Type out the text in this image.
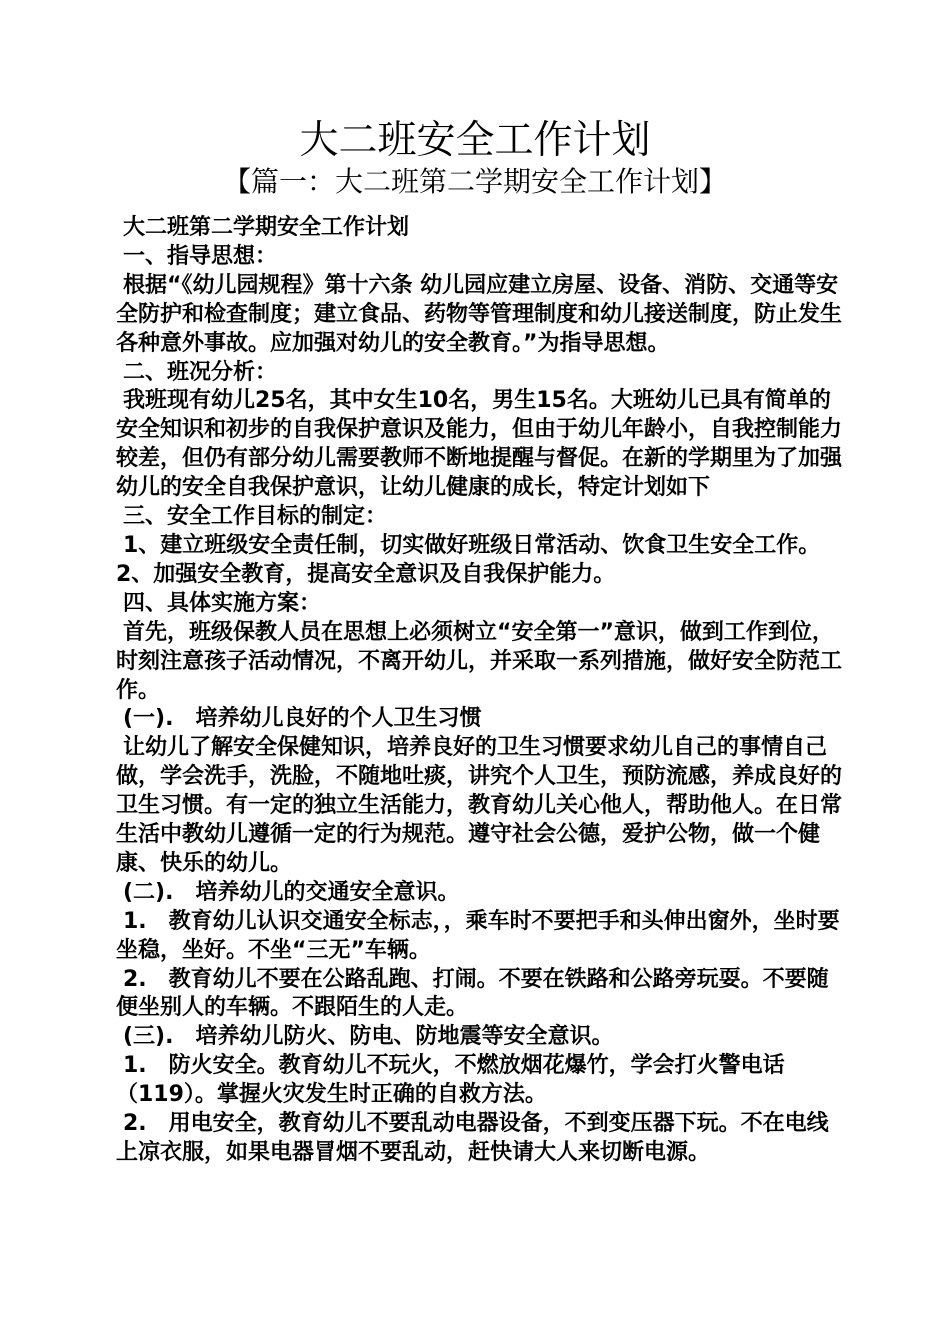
大二班安全工作计划
【篇一：大二班第二学期安全工作计划】

大二班第二学期安全工作计划

一、指导思想：

根据“《幼儿园规程》第十六条 幼儿园应建立房屋、设备、消防、交通等安全防护和检查制度；建立食品、药物等管理制度和幼儿接送制度，防止发生各种意外事故。应加强对幼儿的安全教育。”为指导思想。

二、班况分析：

我班现有幼儿25名，其中女生10名，男生15名。大班幼儿已具有简单的安全知识和初步的自我保护意识及能力，但由于幼儿年龄小，自我控制能力较差，但仍有部分幼儿需要教师不断地提醒与督促。在新的学期里为了加强幼儿的安全自我保护意识，让幼儿健康的成长，特定计划如下

三、安全工作目标的制定：

1、建立班级安全责任制，切实做好班级日常活动、饮食卫生安全工作。

2、加强安全教育，提高安全意识及自我保护能力。

四、具体实施方案：

首先，班级保教人员在思想上必须树立“安全第一”意识，做到工作到位，时刻注意孩子活动情况，不离开幼儿，并采取一系列措施，做好安全防范工作。

(一).　培养幼儿良好的个人卫生习惯

让幼儿了解安全保健知识，培养良好的卫生习惯要求幼儿自己的事情自己做，学会洗手，洗脸，不随地吐痰，讲究个人卫生，预防流感，养成良好的卫生习惯。有一定的独立生活能力，教育幼儿关心他人，帮助他人。在日常生活中教幼儿遵循一定的行为规范。遵守社会公德，爱护公物，做一个健康、快乐的幼儿。

(二).　培养幼儿的交通安全意识。

1.　教育幼儿认识交通安全标志，，乘车时不要把手和头伸出窗外，坐时要坐稳，坐好。不坐“三无”车辆。

2.　教育幼儿不要在公路乱跑、打闹。不要在铁路和公路旁玩耍。不要随便坐别人的车辆。不跟陌生的人走。

(三).　培养幼儿防火、防电、防地震等安全意识。

1.　防火安全。教育幼儿不玩火，不燃放烟花爆竹，学会打火警电话（119）。掌握火灾发生时正确的自救方法。

2.　用电安全，教育幼儿不要乱动电器设备，不到变压器下玩。不在电线上凉衣服，如果电器冒烟不要乱动，赶快请大人来切断电源。
